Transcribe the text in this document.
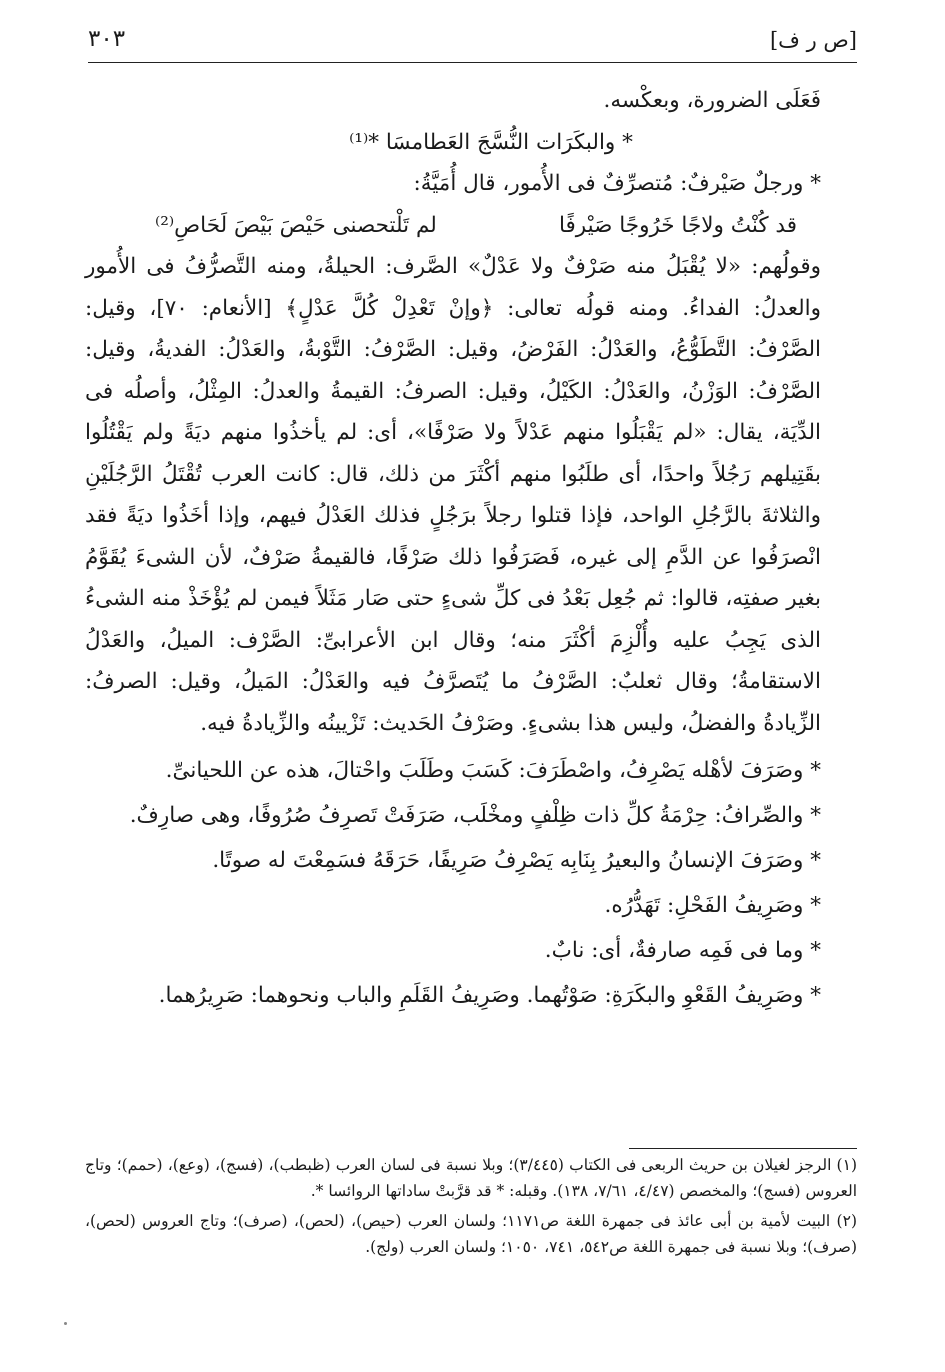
[ص ر ف]
٣٠٣

فَعَلَى الضرورة، وبعكْسه.

* والبكَرَات النُّسَّجَ العَطامسَا *⁽¹⁾

* ورجلٌ صَيْرفٌ: مُتصرِّفٌ فى الأُمور، قال أُمَيَّةُ:

قد كُنْتُ ولاجًا خَرُوجًا صَيْرفًا
لم تَلْتحصنى حَيْصَ بَيْصَ لَحَاصِ⁽²⁾

وقولُهم: «لا يُقْبَلُ منه صَرْفٌ ولا عَدْلٌ» الصَّرف: الحيلةُ، ومنه التَّصرُّفُ فى الأُمور والعدلُ: الفداءُ. ومنه قولُه تعالى: ﴿وإنْ تَعْدِلْ كُلَّ عَدْلٍ﴾ [الأنعام: ٧٠]، وقيل: الصَّرْفُ: التَّطَوُّعُ، والعَدْلُ: الفَرْضُ، وقيل: الصَّرْفُ: التَّوْبةُ، والعَدْلُ: الفديةُ، وقيل: الصَّرْفُ: الوَزْنُ، والعَدْلُ: الكَيْلُ، وقيل: الصرفُ: القيمةُ والعدلُ: المِثْلُ، وأصلُه فى الدِّيَة، يقال: «لم يَقْبَلُوا منهم عَدْلاً ولا صَرْفًا»، أى: لم يأخذُوا منهم ديَةً ولم يَقْتُلُوا بقَتِيلهم رَجُلاً واحدًا، أى طلَبُوا منهم أكْثَرَ من ذلك، قال: كانت العرب تُقْتَلُ الرَّجُلَيْنِ والثلاثةَ بالرَّجُلِ الواحد، فإذا قتلوا رجلاً برَجُلٍ فذلك العَدْلُ فيهم، وإذا أخَذُوا ديَةً فقد انْصرَفُوا عن الدَّمِ إلى غيره، فَصَرَفُوا ذلك صَرْفًا، فالقيمةُ صَرْفٌ، لأن الشىءَ يُقَوَّمُ بغير صفتِه، قالوا: ثم جُعِل بَعْدُ فى كلِّ شىءٍ حتى صَار مَثَلاً فيمن لم يُؤْخَذْ منه الشىءُ الذى يَجِبُ عليه وأُلْزِمَ أكْثَرَ منه؛ وقال ابن الأعرابىِّ: الصَّرْف: الميلُ، والعَدْلُ الاستقامةُ؛ وقال ثعلبٌ: الصَّرْفُ ما يُتَصرَّفُ فيه والعَدْلُ: المَيلُ، وقيل: الصرفُ: الزِّيادةُ والفضلُ، وليس هذا بشىءٍ. وصَرْفُ الحَديث: تَزْيينُه والزِّيادةُ فيه.

* وصَرَفَ لأهْله يَصْرِفُ، واصْطَرَفَ: كَسَبَ وطَلَبَ واحْتالَ، هذه عن اللحيانىِّ.

* والصِّرافُ: حِرْمَةُ كلِّ ذات ظِلْفٍ ومخْلَب، صَرَفَتْ تَصرِفُ صُرُوفًا، وهى صارِفٌ.

* وصَرَفَ الإنسانُ والبعيرُ بِنَابِه يَصْرِفُ صَرِيفًا، حَرَقَهُ فسَمِعْتَ له صوتًا.

* وصَرِيفُ الفَحْلِ: تَهَدُّرُه.

* وما فى فَمِه صارفةٌ، أى: نابٌ.

* وصَرِيفُ القَعْوِ والبكَرَةِ: صَوْتُهما. وصَرِيفُ القَلَمِ والباب ونحوهما: صَرِيرُهما.

(١) الرجز لغيلان بن حريث الربعى فى الكتاب (٣/٤٤٥)؛ وبلا نسبة فى لسان العرب (ظبطب)، (فسج)، (وعع)، (حمم)؛ وتاج العروس (فسج)؛ والمخصص (٤/٤٧، ٧/٦١، ١٣٨). وقبله: * قد قرَّبتْ ساداتها الروائسا *.

(٢) البيت لأمية بن أبى عائذ فى جمهرة اللغة ص١١٧١؛ ولسان العرب (حيص)، (لحص)، (صرف)؛ وتاج العروس (لحص)، (صرف)؛ وبلا نسبة فى جمهرة اللغة ص٥٤٢، ٧٤١، ١٠٥٠؛ ولسان العرب (ولج).
